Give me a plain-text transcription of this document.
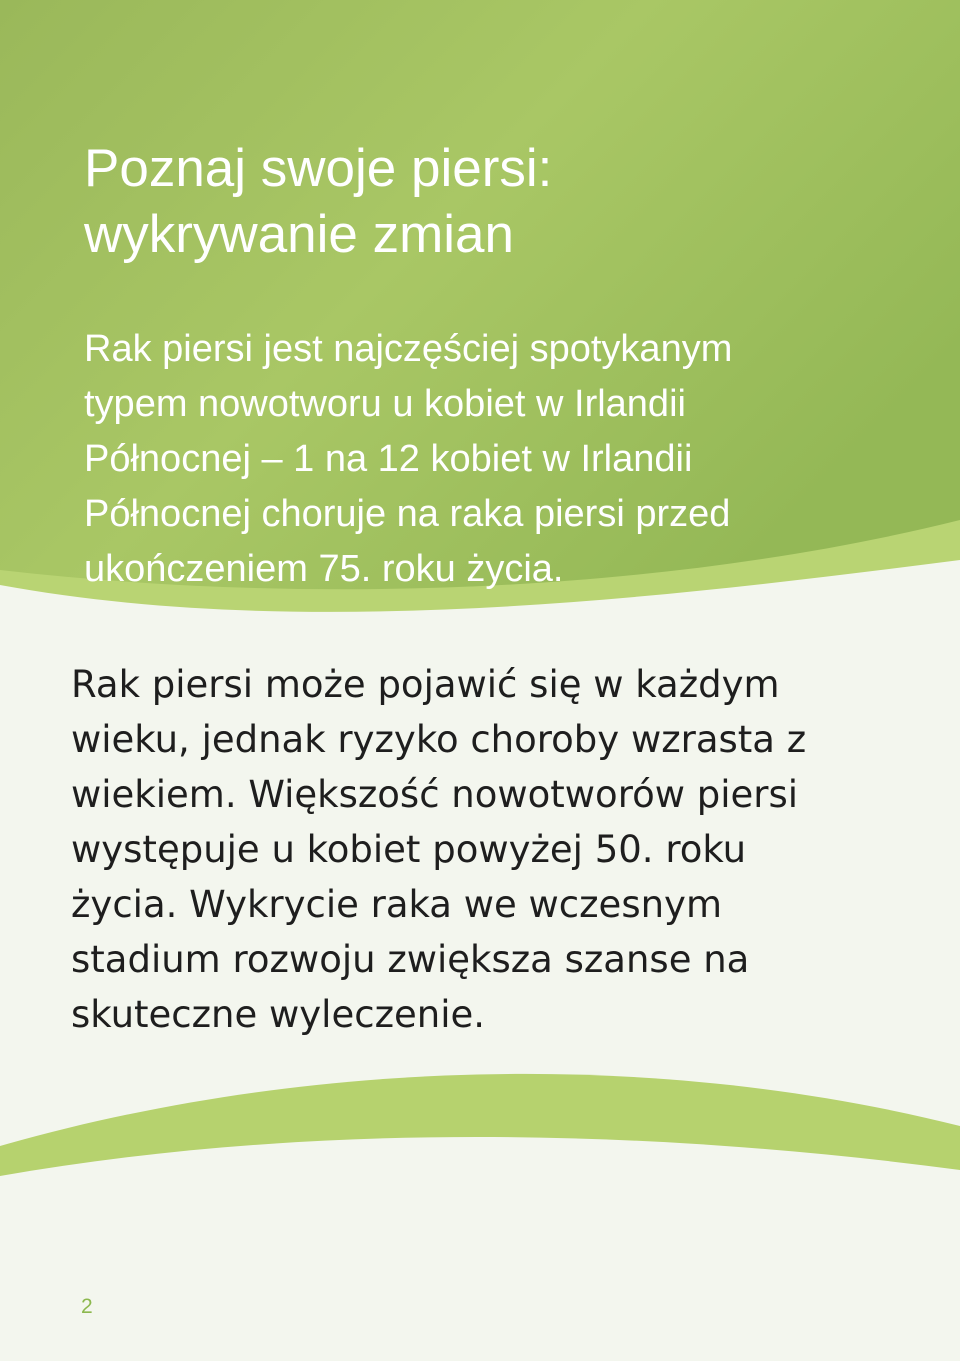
Poznaj swoje piersi:
wykrywanie zmian

Rak piersi jest najczęściej spotykanym
typem nowotworu u kobiet w Irlandii
Północnej – 1 na 12 kobiet w Irlandii
Północnej choruje na raka piersi przed
ukończeniem 75. roku życia.

Rak piersi może pojawić się w każdym
wieku, jednak ryzyko choroby wzrasta z
wiekiem. Większość nowotworów piersi
występuje u kobiet powyżej 50. roku
życia. Wykrycie raka we wczesnym
stadium rozwoju zwiększa szanse na
skuteczne wyleczenie.

2
